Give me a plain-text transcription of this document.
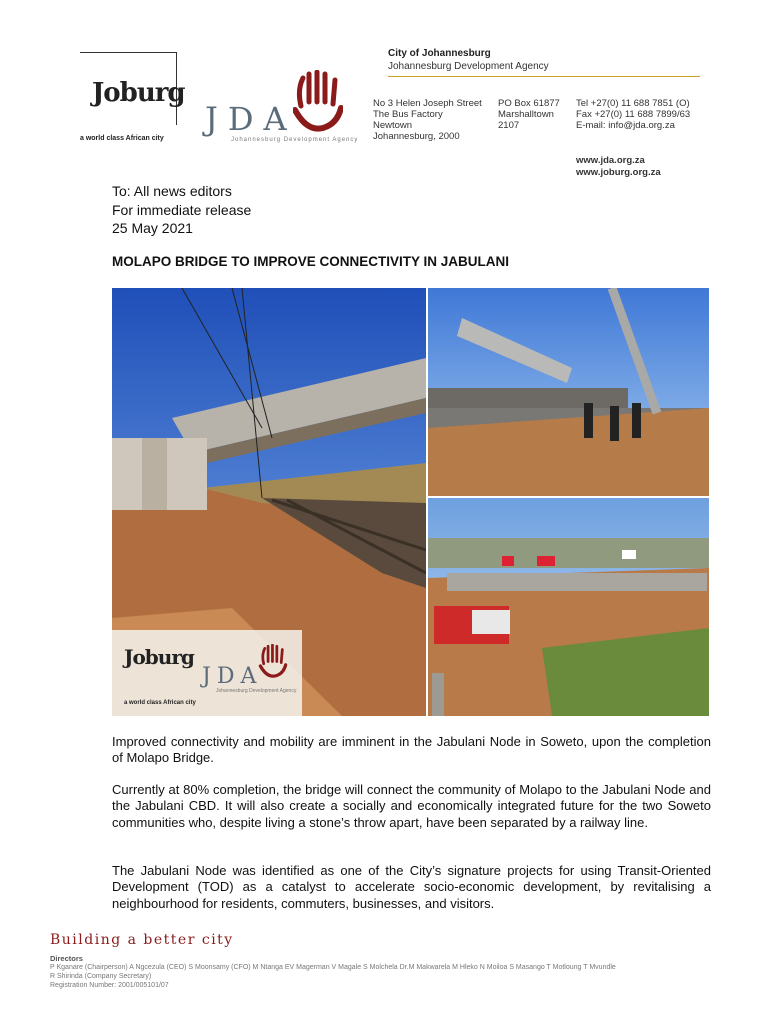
Joburg
a world class African city
JDA
Johannesburg Development Agency
City of Johannesburg
Johannesburg Development Agency
No 3 Helen Joseph Street
The Bus Factory
Newtown
Johannesburg, 2000
PO Box 61877
Marshalltown
2107
Tel +27(0) 11 688 7851 (O)
Fax +27(0) 11 688 7899/63
E-mail: info@jda.org.za
www.jda.org.za
www.joburg.org.za
To: All news editors
For immediate release
25 May 2021
MOLAPO BRIDGE TO IMPROVE CONNECTIVITY IN JABULANI
Joburg
a world class African city
JDA
Johannesburg Development Agency
Improved connectivity and mobility are imminent in the Jabulani Node in Soweto, upon the completion of Molapo Bridge.
Currently at 80% completion, the bridge will connect the community of Molapo to the Jabulani Node and the Jabulani CBD. It will also create a socially and economically integrated future for the two Soweto communities who, despite living a stone’s throw apart, have been separated by a railway line.
The Jabulani Node was identified as one of the City’s signature projects for using Transit-Oriented Development (TOD) as a catalyst to accelerate socio-economic development, by revitalising a neighbourhood for residents, commuters, businesses, and visitors.
Building a better city
Directors
P Kganare (Chairperson) A Ngcezula (CEO) S Moonsamy (CFO) M Ntanga EV Magerman V Magale S Molchela Dr.M Makwarela M Hleko N Moiloa S Masango T Motloung T Mvundle
R Shirinda (Company Secretary)
Registration Number: 2001/005101/07
